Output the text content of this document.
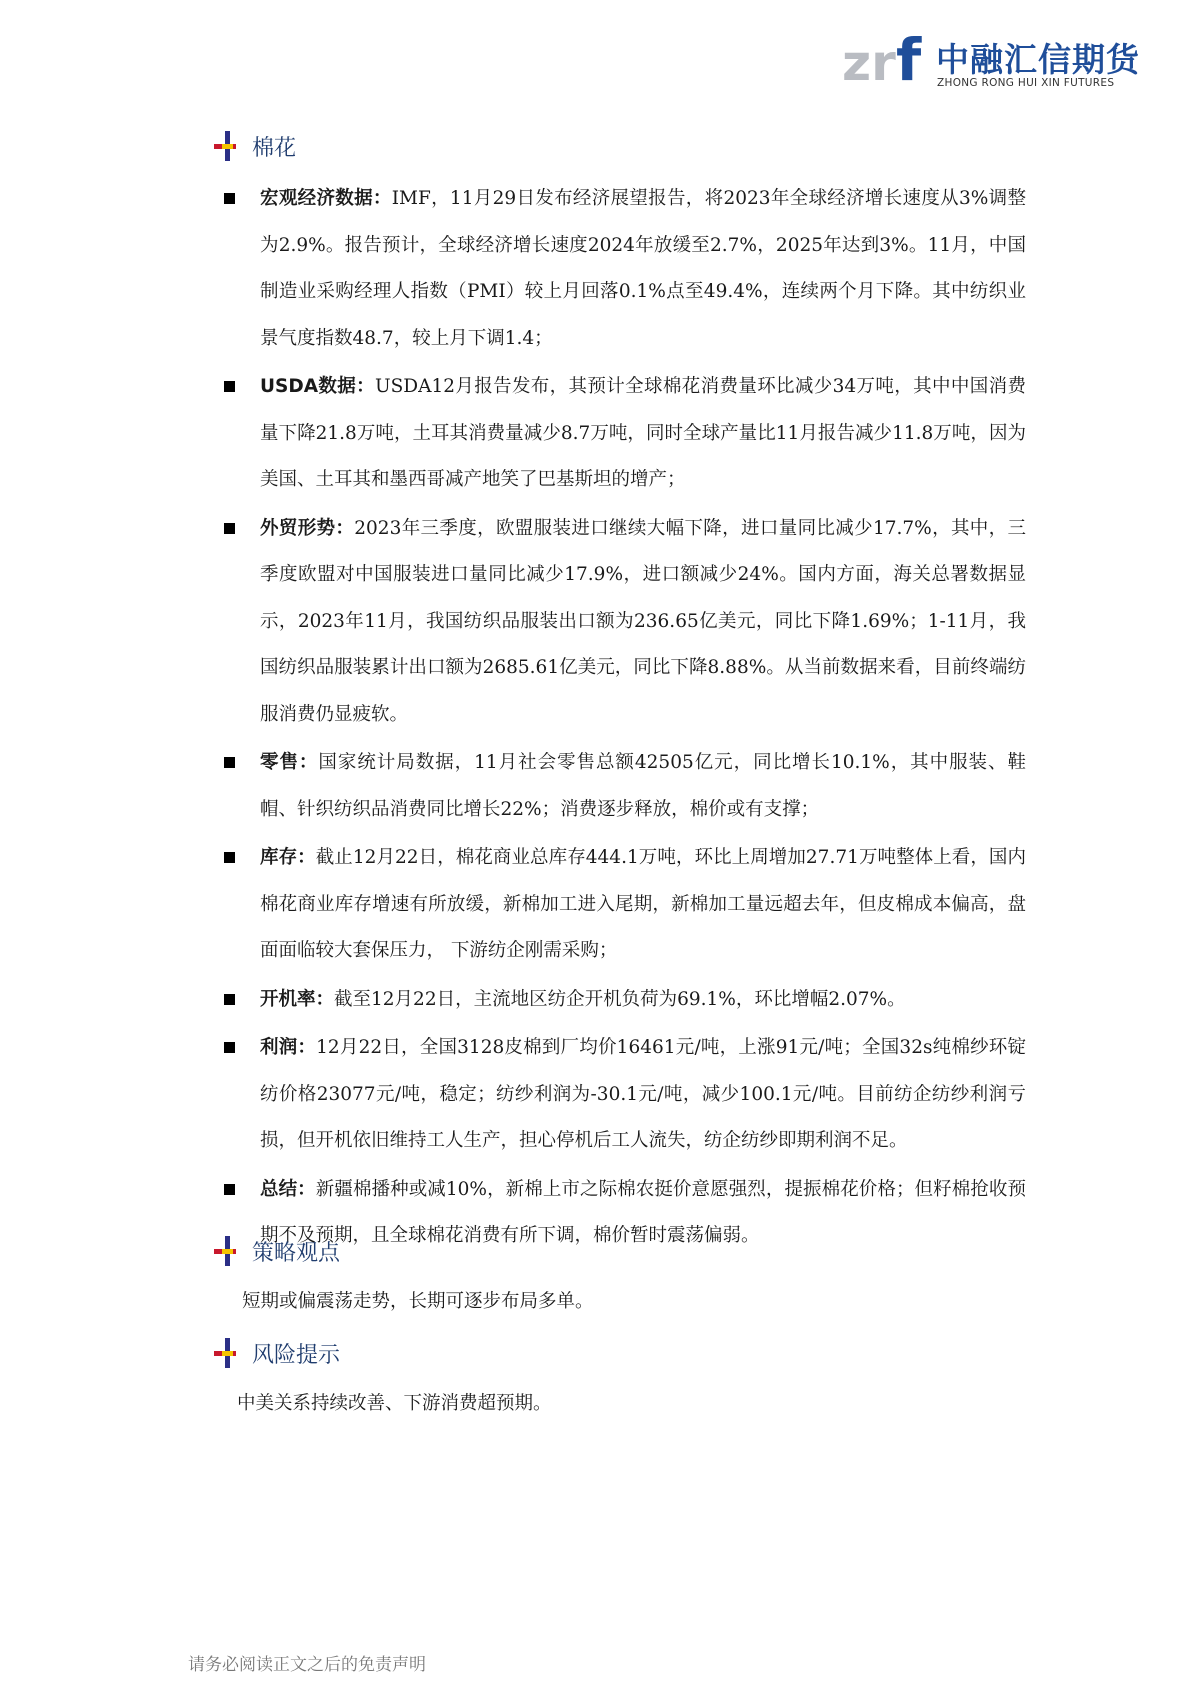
zr f 中融汇信期货
ZHONG RONG HUI XIN FUTURES
棉花
宏观经济数据：IMF，11月29日发布经济展望报告，将2023年全球经济增长速度从3%调整为2.9%。报告预计，全球经济增长速度2024年放缓至2.7%，2025年达到3%。11月，中国制造业采购经理人指数（PMI）较上月回落0.1%点至49.4%，连续两个月下降。其中纺织业景气度指数48.7，较上月下调1.4；
USDA数据：USDA12月报告发布，其预计全球棉花消费量环比减少34万吨，其中中国消费量下降21.8万吨，土耳其消费量减少8.7万吨，同时全球产量比11月报告减少11.8万吨，因为美国、土耳其和墨西哥减产地笑了巴基斯坦的增产；
外贸形势：2023年三季度，欧盟服装进口继续大幅下降，进口量同比减少17.7%，其中，三季度欧盟对中国服装进口量同比减少17.9%，进口额减少24%。国内方面，海关总署数据显示，2023年11月，我国纺织品服装出口额为236.65亿美元，同比下降1.69%；1-11月，我国纺织品服装累计出口额为2685.61亿美元，同比下降8.88%。从当前数据来看，目前终端纺服消费仍显疲软。
零售：国家统计局数据，11月社会零售总额42505亿元，同比增长10.1%，其中服装、鞋帽、针织纺织品消费同比增长22%；消费逐步释放，棉价或有支撑；
库存：截止12月22日，棉花商业总库存444.1万吨，环比上周增加27.71万吨整体上看，国内棉花商业库存增速有所放缓，新棉加工进入尾期，新棉加工量远超去年，但皮棉成本偏高，盘面面临较大套保压力， 下游纺企刚需采购；
开机率：截至12月22日，主流地区纺企开机负荷为69.1%，环比增幅2.07%。
利润：12月22日，全国3128皮棉到厂均价16461元/吨，上涨91元/吨；全国32s纯棉纱环锭纺价格23077元/吨，稳定；纺纱利润为-30.1元/吨，减少100.1元/吨。目前纺企纺纱利润亏损，但开机依旧维持工人生产，担心停机后工人流失，纺企纺纱即期利润不足。
总结：新疆棉播种或减10%，新棉上市之际棉农挺价意愿强烈，提振棉花价格；但籽棉抢收预期不及预期，且全球棉花消费有所下调，棉价暂时震荡偏弱。
策略观点
短期或偏震荡走势，长期可逐步布局多单。
风险提示
中美关系持续改善、下游消费超预期。
请务必阅读正文之后的免责声明
